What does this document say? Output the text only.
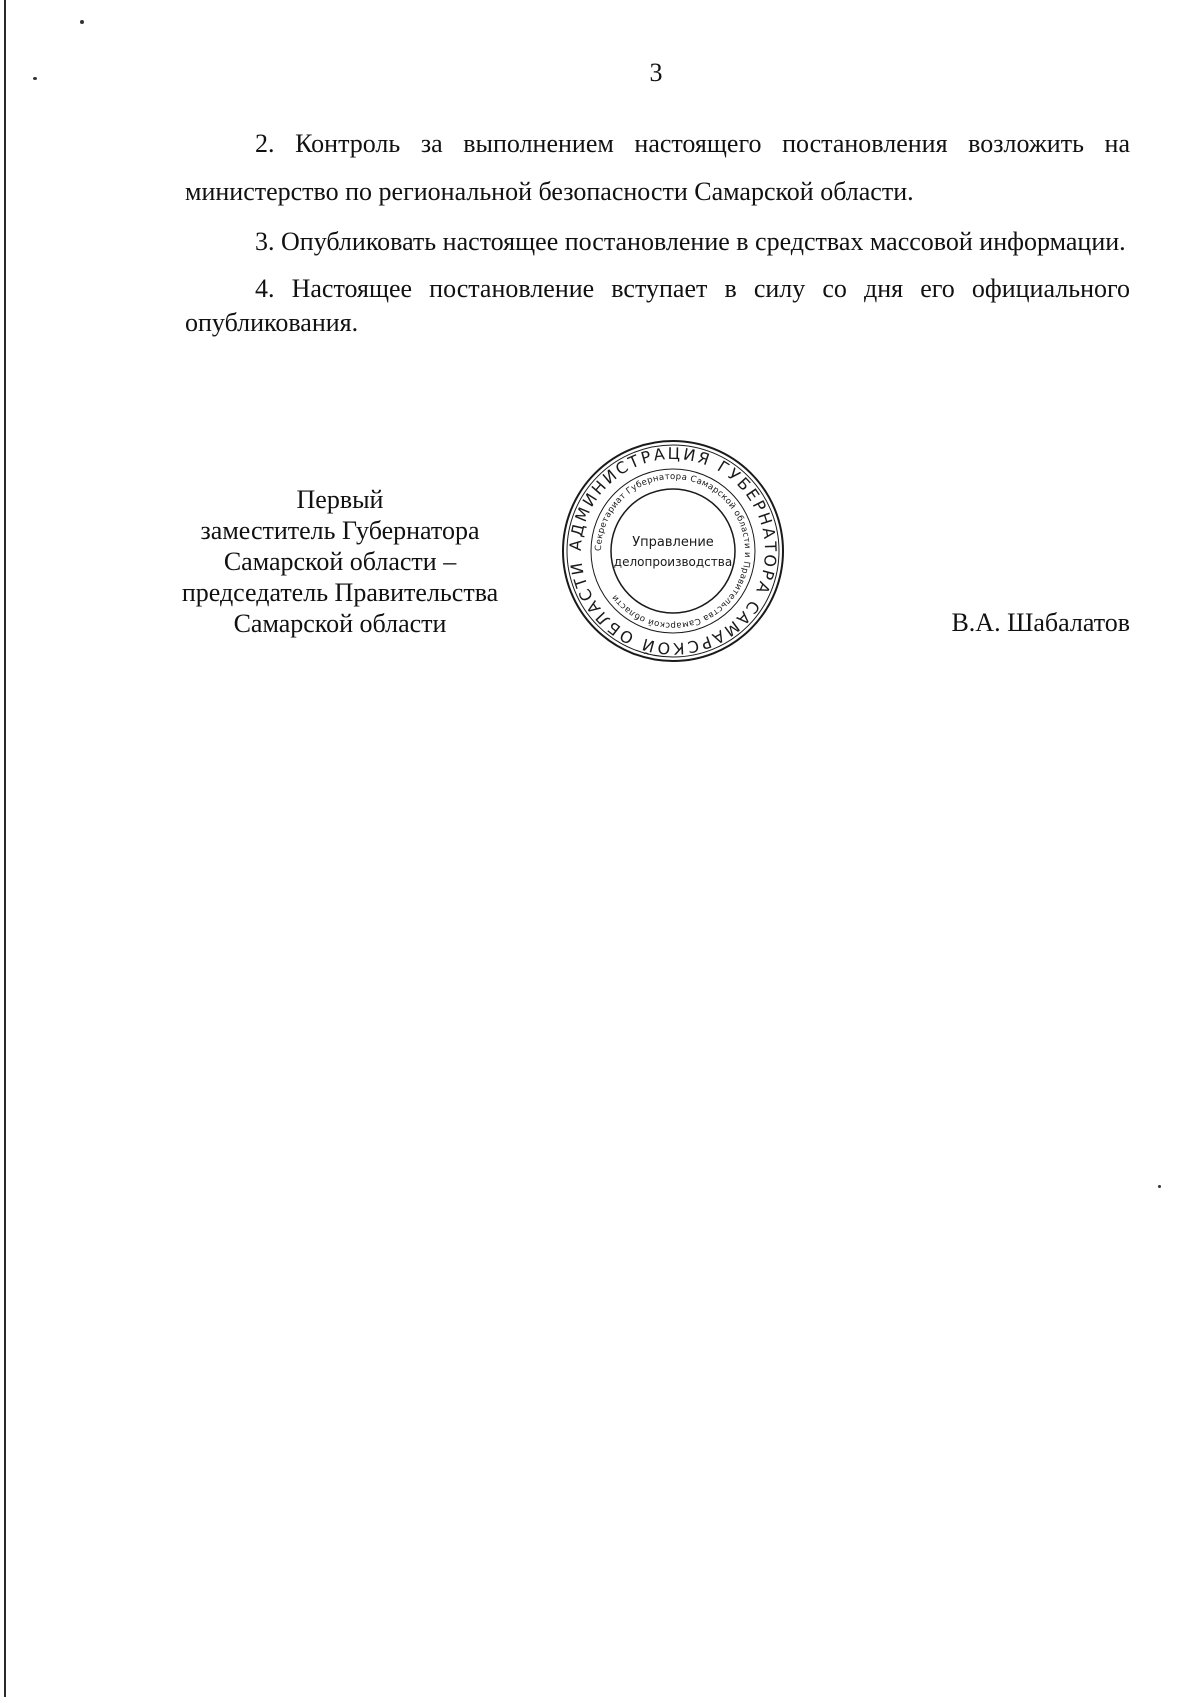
3

2. Контроль за выполнением настоящего постановления возложить на министерство по региональной безопасности Самарской области.

3. Опубликовать настоящее постановление в средствах массовой информации.

4. Настоящее постановление вступает в силу со дня его официального опубликования.

Первый
заместитель Губернатора
Самарской области –
председатель Правительства
Самарской области
АДМИНИСТРАЦИЯ ГУБЕРНАТОРА САМАРСКОЙ ОБЛАСТИ
Секретариат Губернатора Самарской области и Правительства Самарской области
Управление
делопроизводства
В.А. Шабалатов
